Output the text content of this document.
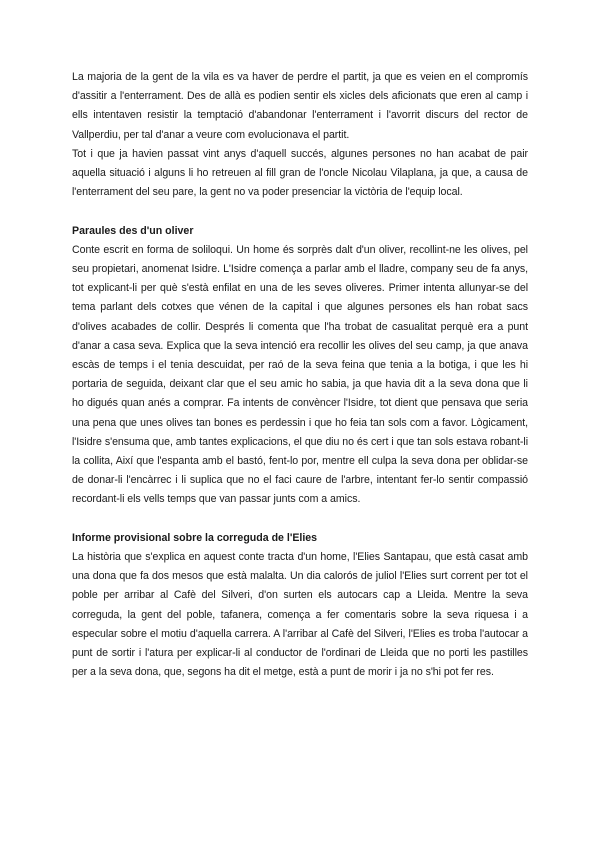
La majoria de la gent de la vila es va haver de perdre el partit, ja que es veien en el compromís d'assitir a l'enterrament. Des de allà es podien sentir els xicles dels aficionats que eren al camp i ells intentaven resistir la temptació d'abandonar l'enterrament i l'avorrit discurs del rector de Vallperdiu, per tal d'anar a veure com evolucionava el partit.

Tot i que ja havien passat vint anys d'aquell succés, algunes persones no han acabat de pair aquella situació i alguns li ho retreuen al fill gran de l'oncle Nicolau Vilaplana, ja que, a causa de l'enterrament del seu pare, la gent no va poder presenciar la victòria de l'equip local.

Paraules des d'un oliver

Conte escrit en forma de soliloqui. Un home és sorprès dalt d'un oliver, recollint-ne les olives, pel seu propietari, anomenat Isidre. L'Isidre comença a parlar amb el lladre, company seu de fa anys, tot explicant-li per què s'està enfilat en una de les seves oliveres. Primer intenta allunyar-se del tema parlant dels cotxes que vénen de la capital i que algunes persones els han robat sacs d'olives acabades de collir. Després li comenta que l'ha trobat de casualitat perquè era a punt d'anar a casa seva. Explica que la seva intenció era recollir les olives del seu camp, ja que anava escàs de temps i el tenia descuidat, per raó de la seva feina que tenia a la botiga, i que les hi portaria de seguida, deixant clar que el seu amic ho sabia, ja que havia dit a la seva dona que li ho digués quan anés a comprar. Fa intents de convèncer l'Isidre, tot dient que pensava que seria una pena que unes olives tan bones es perdessin i que ho feia tan sols com a favor. Lògicament, l'Isidre s'ensuma que, amb tantes explicacions, el que diu no és cert i que tan sols estava robant-li la collita, Així que l'espanta amb el bastó, fent-lo por, mentre ell culpa la seva dona per oblidar-se de donar-li l'encàrrec i li suplica que no el faci caure de l'arbre, intentant fer-lo sentir compassió recordant-li els vells temps que van passar junts com a amics.

Informe provisional sobre la correguda de l'Elies

La història que s'explica en aquest conte tracta d'un home, l'Elies Santapau, que està casat amb una dona que fa dos mesos que està malalta. Un dia calorós de juliol l'Elies surt corrent per tot el poble per arribar al Cafè del Silveri, d'on surten els autocars cap a Lleida. Mentre la seva correguda, la gent del poble, tafanera, comença a fer comentaris sobre la seva riquesa i a especular sobre el motiu d'aquella carrera. A l'arribar al Cafè del Silveri, l'Elies es troba l'autocar a punt de sortir i l'atura per explicar-li al conductor de l'ordinari de Lleida que no porti les pastilles per a la seva dona, que, segons ha dit el metge, està a punt de morir i ja no s'hi pot fer res.
